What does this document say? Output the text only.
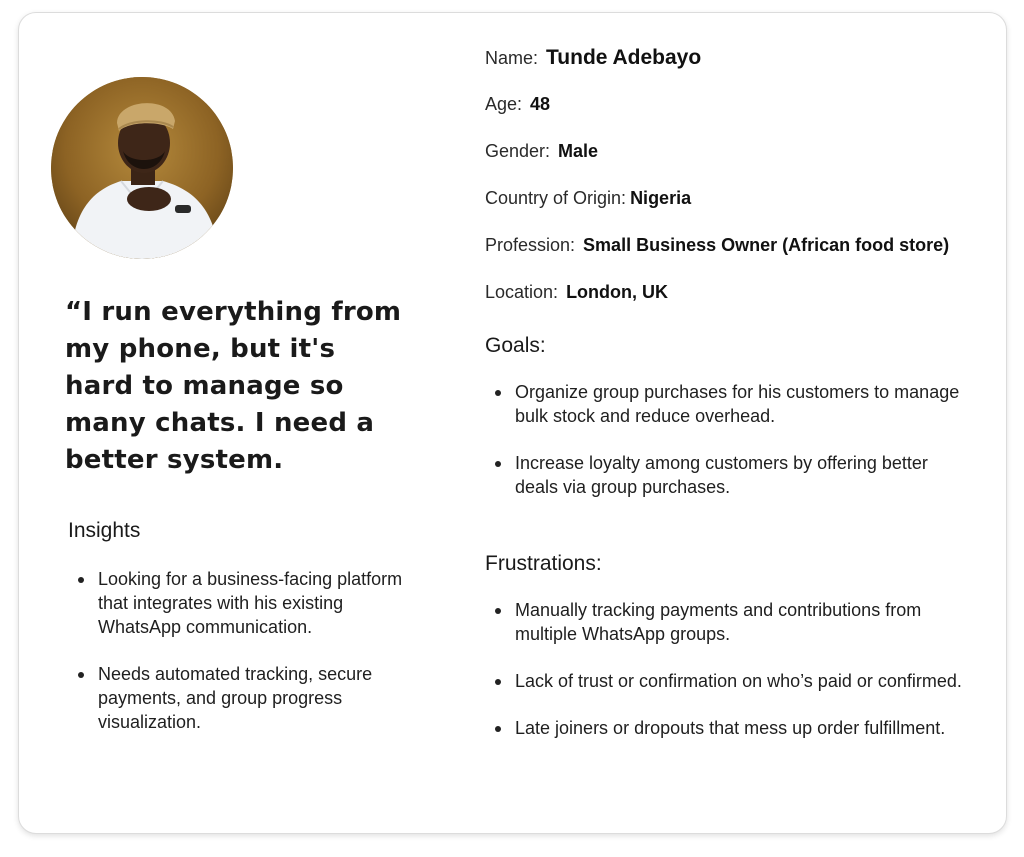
“I run everything from my phone, but it's hard to manage so many chats. I need a better system.
Name: Tunde Adebayo
Age: 48
Gender: Male
Country of Origin: Nigeria
Profession: Small Business Owner (African food store)
Location: London, UK
Goals:
Organize group purchases for his customers to manage bulk stock and reduce overhead.
Increase loyalty among customers by offering better deals via group purchases.
Frustrations:
Manually tracking payments and contributions from multiple WhatsApp groups.
Lack of trust or confirmation on who’s paid or confirmed.
Late joiners or dropouts that mess up order fulfillment.
Insights
Looking for a business-facing platform that integrates with his existing WhatsApp communication.
Needs automated tracking, secure payments, and group progress visualization.
